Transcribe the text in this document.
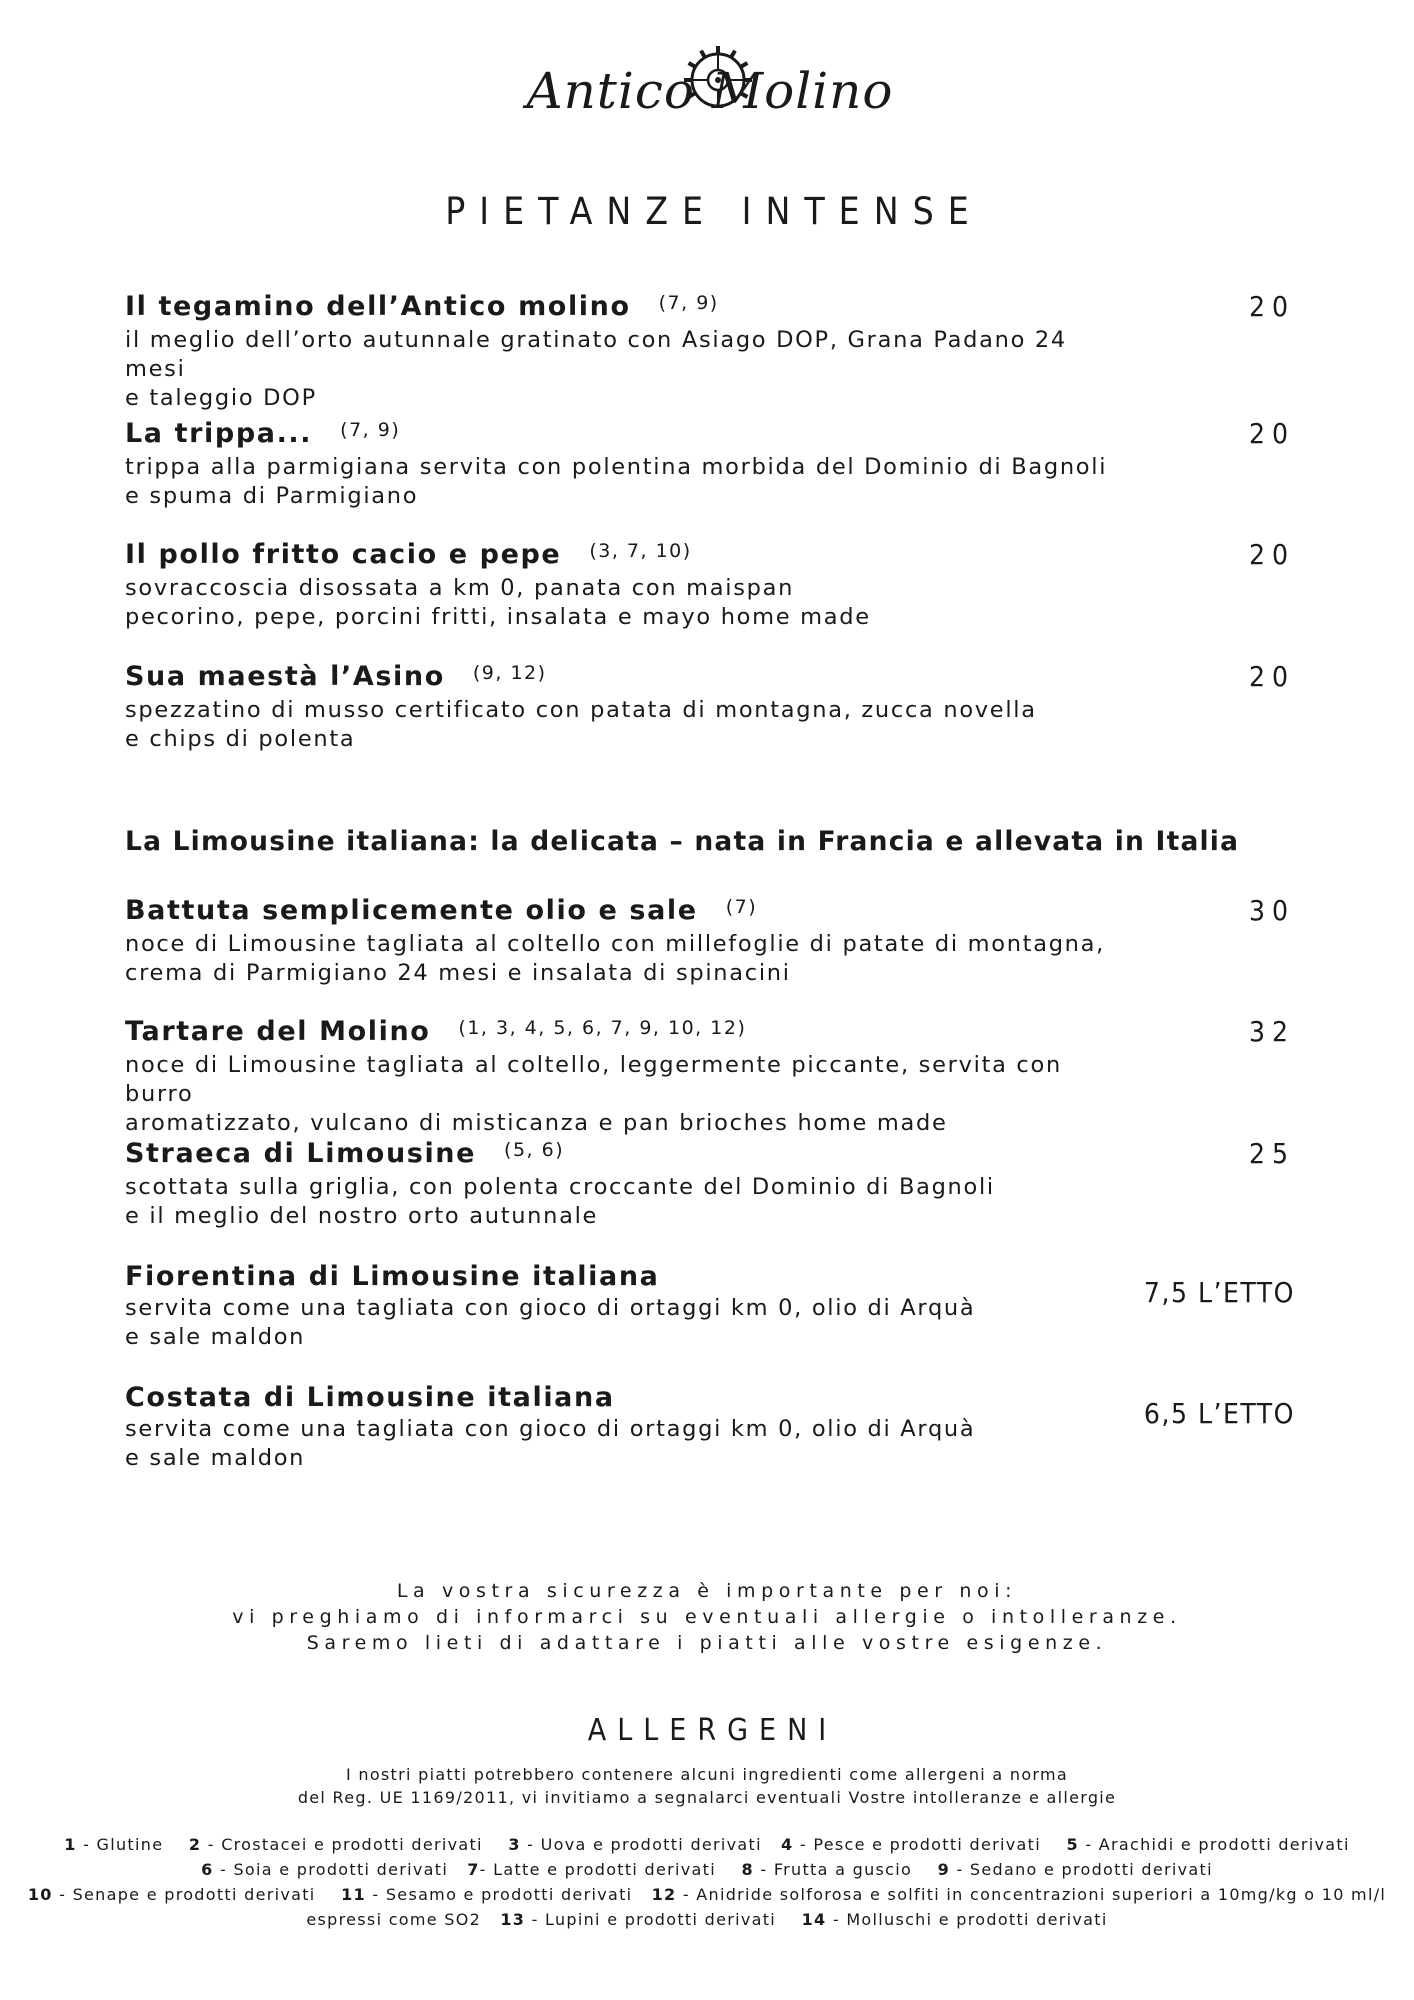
Antico Molino
PIETANZE INTENSE
Il tegamino dell’Antico molino $^{(7, 9)}$
il meglio dell’orto autunnale gratinato con Asiago DOP, Grana Padano 24 mesi
e taleggio DOP
20
La trippa... $^{(7, 9)}$
trippa alla parmigiana servita con polentina morbida del Dominio di Bagnoli
e spuma di Parmigiano
20
Il pollo fritto cacio e pepe $^{(3, 7, 10)}$
sovraccoscia disossata a km 0, panata con maispan
pecorino, pepe, porcini fritti, insalata e mayo home made
20
Sua maestà l’Asino $^{(9, 12)}$
spezzatino di musso certificato con patata di montagna, zucca novella
e chips di polenta
20
La Limousine italiana: la delicata – nata in Francia e allevata in Italia
Battuta semplicemente olio e sale $^{(7)}$
noce di Limousine tagliata al coltello con millefoglie di patate di montagna,
crema di Parmigiano 24 mesi e insalata di spinacini
30
Tartare del Molino $^{(1, 3, 4, 5, 6, 7, 9, 10, 12)}$
noce di Limousine tagliata al coltello, leggermente piccante, servita con burro
aromatizzato, vulcano di misticanza e pan brioches home made
32
Straeca di Limousine $^{(5, 6)}$
scottata sulla griglia, con polenta croccante del Dominio di Bagnoli
e il meglio del nostro orto autunnale
25
Fiorentina di Limousine italiana
servita come una tagliata con gioco di ortaggi km 0, olio di Arquà
e sale maldon
7,5 L’ETTO
Costata di Limousine italiana
servita come una tagliata con gioco di ortaggi km 0, olio di Arquà
e sale maldon
6,5 L’ETTO
La vostra sicurezza è importante per noi:
vi preghiamo di informarci su eventuali allergie o intolleranze.
Saremo lieti di adattare i piatti alle vostre esigenze.
ALLERGENI
I nostri piatti potrebbero contenere alcuni ingredienti come allergeni a norma
del Reg. UE 1169/2011, vi invitiamo a segnalarci eventuali Vostre intolleranze e allergie
1 - Glutine 2 - Crostacei e prodotti derivati 3 - Uova e prodotti derivati 4 - Pesce e prodotti derivati 5 - Arachidi e prodotti derivati
6 - Soia e prodotti derivati 7- Latte e prodotti derivati 8 - Frutta a guscio 9 - Sedano e prodotti derivati
10 - Senape e prodotti derivati 11 - Sesamo e prodotti derivati 12 - Anidride solforosa e solfiti in concentrazioni superiori a 10mg/kg o 10 ml/l espressi come SO2 13 - Lupini e prodotti derivati 14 - Molluschi e prodotti derivati
